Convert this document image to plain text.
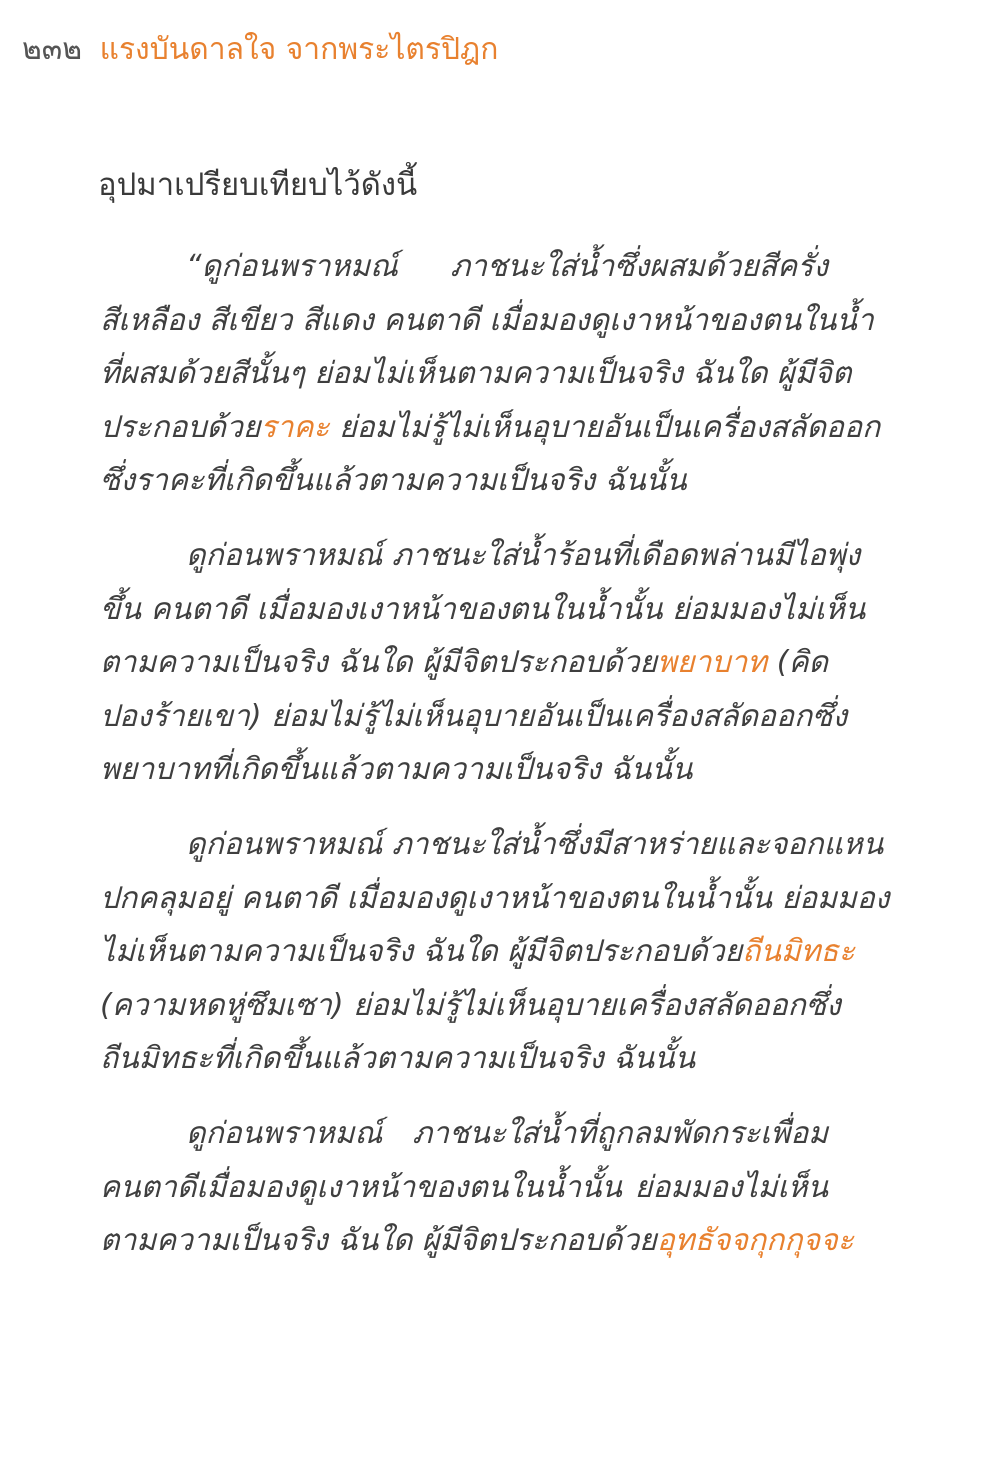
๒๓๒ แรงบันดาลใจ จากพระไตรปิฎก
อุปมาเปรียบเทียบไว้ดังนี้
“ดูก่อนพราหมณ์ ภาชนะใส่น้ำซึ่งผสมด้วยสีครั่ง
สีเหลือง สีเขียว สีแดง คนตาดี เมื่อมองดูเงาหน้าของตนในน้ำ
ที่ผสมด้วยสีนั้นๆ ย่อมไม่เห็นตามความเป็นจริง ฉันใด ผู้มีจิต
ประกอบด้วยราคะ ย่อมไม่รู้ไม่เห็นอุบายอันเป็นเครื่องสลัดออก
ซึ่งราคะที่เกิดขึ้นแล้วตามความเป็นจริง ฉันนั้น
ดูก่อนพราหมณ์ ภาชนะใส่น้ำร้อนที่เดือดพล่านมีไอพุ่ง
ขึ้น คนตาดี เมื่อมองเงาหน้าของตนในน้ำนั้น ย่อมมองไม่เห็น
ตามความเป็นจริง ฉันใด ผู้มีจิตประกอบด้วยพยาบาท (คิด
ปองร้ายเขา) ย่อมไม่รู้ไม่เห็นอุบายอันเป็นเครื่องสลัดออกซึ่ง
พยาบาทที่เกิดขึ้นแล้วตามความเป็นจริง ฉันนั้น
ดูก่อนพราหมณ์ ภาชนะใส่น้ำซึ่งมีสาหร่ายและจอกแหน
ปกคลุมอยู่ คนตาดี เมื่อมองดูเงาหน้าของตนในน้ำนั้น ย่อมมอง
ไม่เห็นตามความเป็นจริง ฉันใด ผู้มีจิตประกอบด้วยถีนมิทธะ
(ความหดหู่ซึมเซา) ย่อมไม่รู้ไม่เห็นอุบายเครื่องสลัดออกซึ่ง
ถีนมิทธะที่เกิดขึ้นแล้วตามความเป็นจริง ฉันนั้น
ดูก่อนพราหมณ์ ภาชนะใส่น้ำที่ถูกลมพัดกระเพื่อม
คนตาดีเมื่อมองดูเงาหน้าของตนในน้ำนั้น ย่อมมองไม่เห็น
ตามความเป็นจริง ฉันใด ผู้มีจิตประกอบด้วยอุทธัจจกุกกุจจะ
